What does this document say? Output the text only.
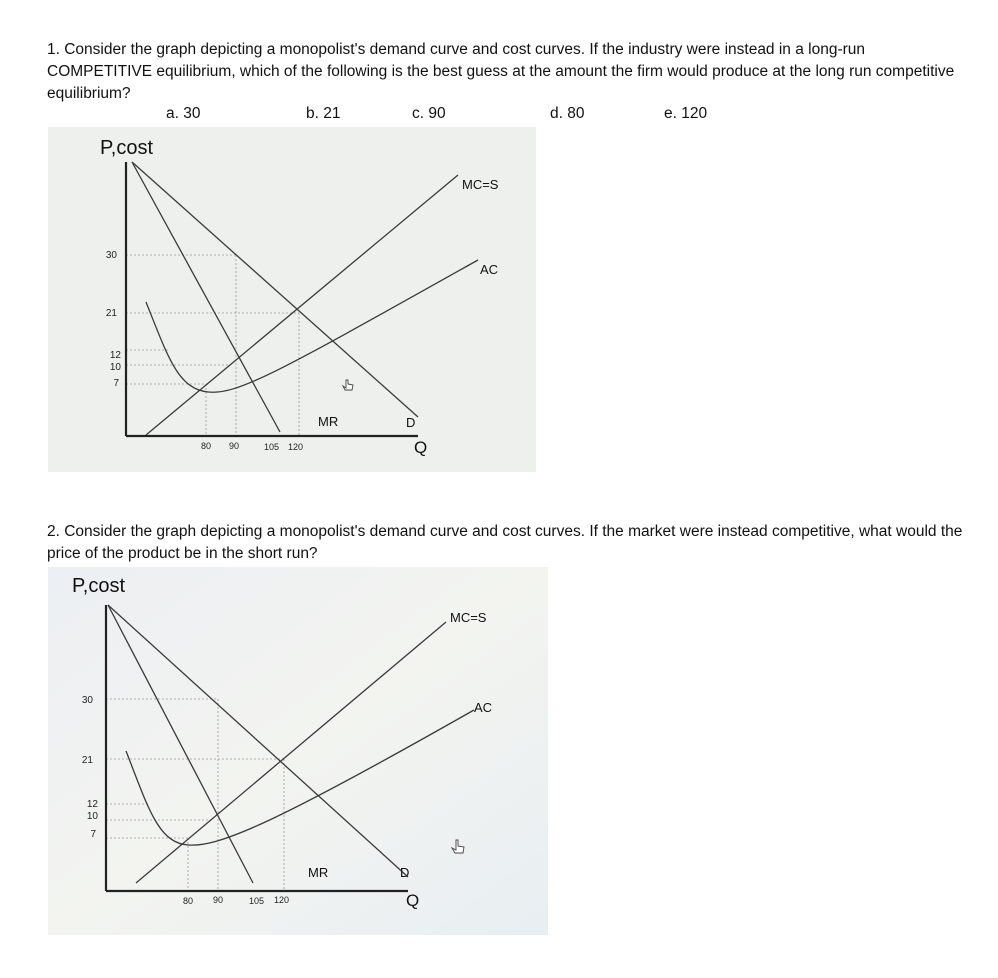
1. Consider the graph depicting a monopolist's demand curve and cost curves. If the industry were instead in a long-run COMPETITIVE equilibrium, which of the following is the best guess at the amount the firm would produce at the long run competitive equilibrium?

a. 30	b. 21	c. 90	d. 80	e. 120
P,cost
Q
30
21
12
10
7
80 90	105 120
MC=S
AC
MR	D

2. Consider the graph depicting a monopolist's demand curve and cost curves. If the market were instead competitive, what would the price of the product be in the short run?

P,cost
Q
30
21
12
10
7
80 90	105 120
MC=S
AC
MR	D
